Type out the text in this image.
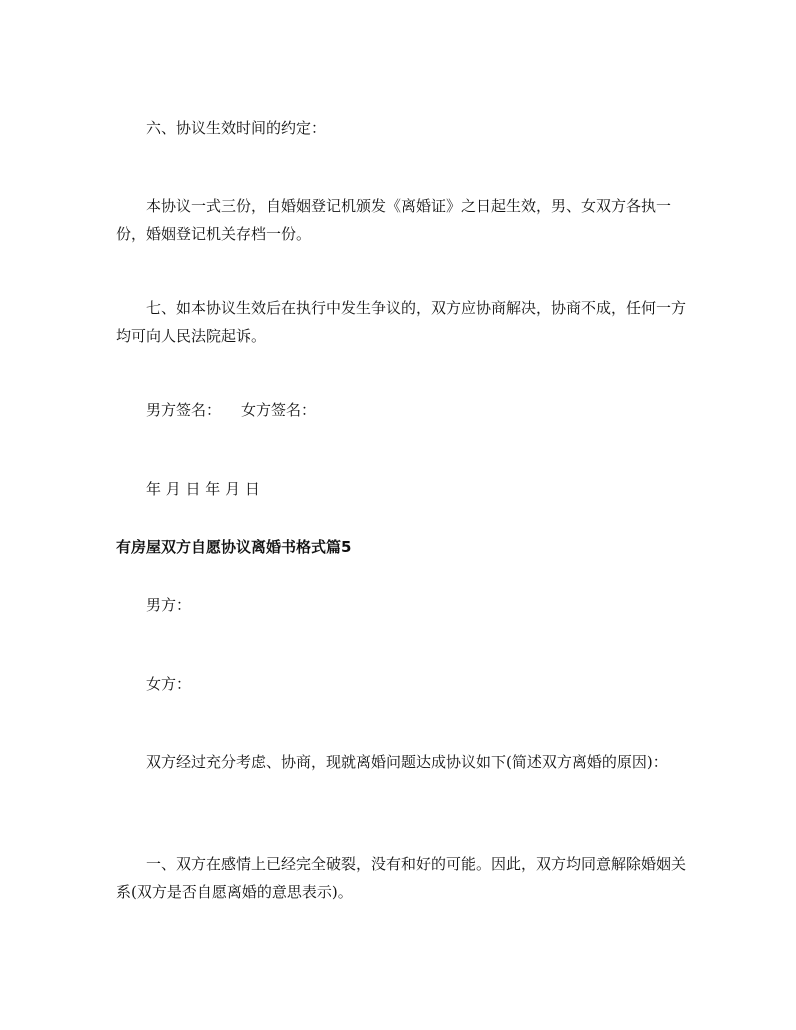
六、协议生效时间的约定：

本协议一式三份，自婚姻登记机颁发《离婚证》之日起生效，男、女双方各执一份，婚姻登记机关存档一份。

七、如本协议生效后在执行中发生争议的，双方应协商解决，协商不成，任何一方均可向人民法院起诉。

男方签名： 女方签名：

年 月 日 年 月 日

有房屋双方自愿协议离婚书格式篇5

男方：

女方：

双方经过充分考虑、协商，现就离婚问题达成协议如下(简述双方离婚的原因)：

一、双方在感情上已经完全破裂，没有和好的可能。因此，双方均同意解除婚姻关系(双方是否自愿离婚的意思表示)。
